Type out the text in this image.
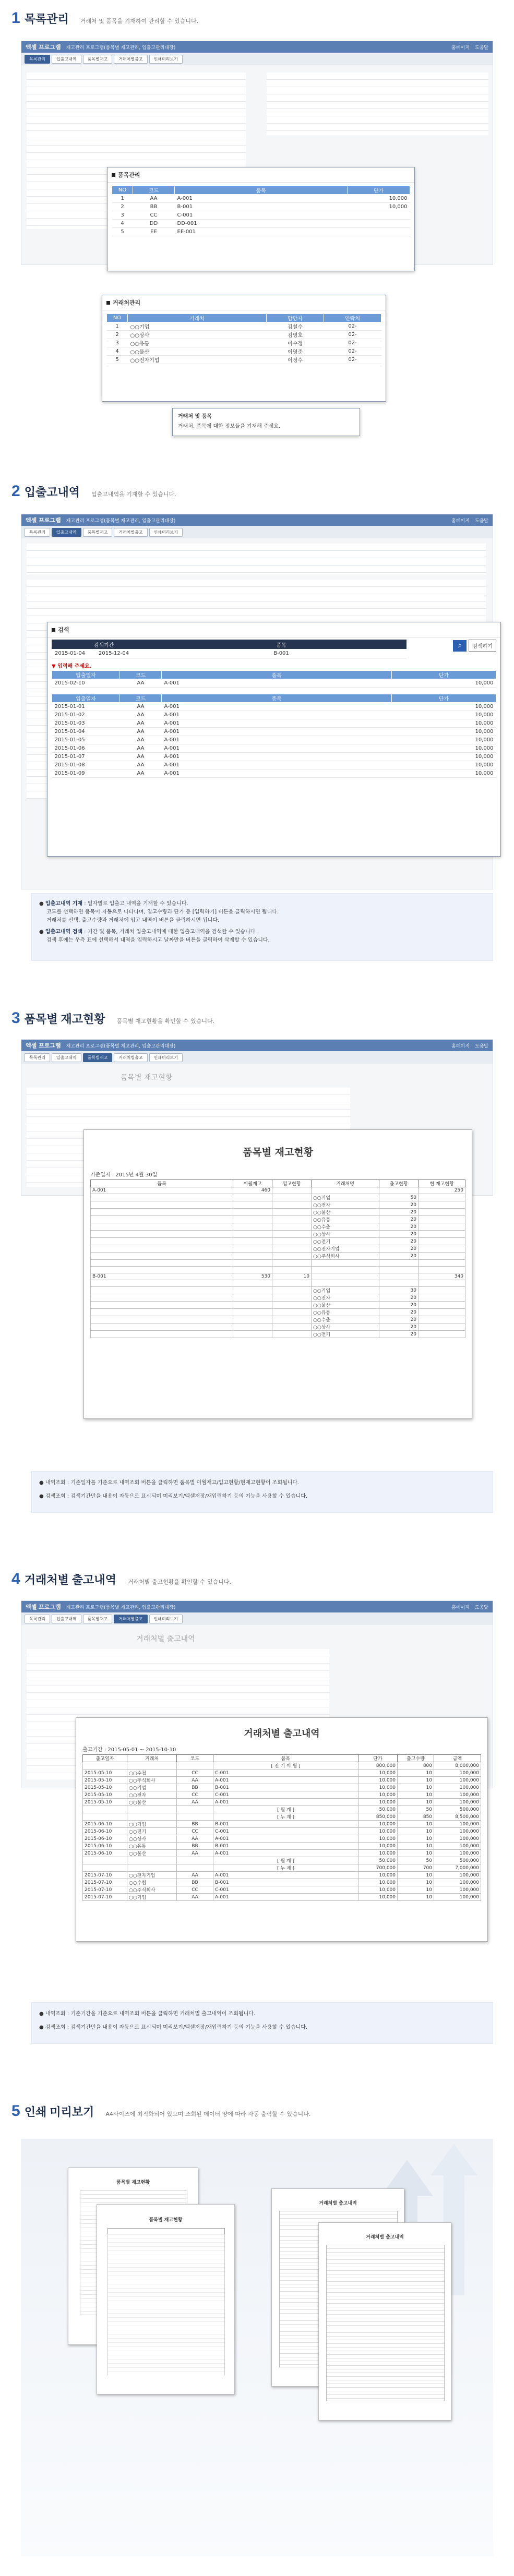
1 목록관리 거래처 및 품목을 기재하여 관리할 수 있습니다.
엑셀 프로그램 재고관리 프로그램(품목별 재고관리, 입출고관리대장)	홈페이지 도움말
목록관리	입출고내역	품목별재고	거래처별출고	인쇄미리보기
품목관리
NO	코드	품목	단가
1	AA	A-001	10,000
2	BB	B-001	10,000
3	CC	C-001	
4	DD	DD-001	
5	EE	EE-001	
거래처관리
NO	거래처	담당자	연락처
1	○○기업	김철수	02-
2	○○상사	김영호	02-
3	○○유통	이수정	02-
4	○○물산	이영준	02-
5	○○전자기업	이정수	02-
거래처 및 품목
거래처, 품목에 대한 정보들을 기재해 주세요.
2 입출고내역 입출고내역을 기재할 수 있습니다.
엑셀 프로그램 재고관리 프로그램(품목별 재고관리, 입출고관리대장)	홈페이지 도움말
목록관리	입출고내역	품목별재고	거래처별출고	인쇄미리보기
검색
검색기간	품목
2015-01-04	2015-12-04	B-001
⌕	검색하기
▼ 입력해 주세요.
입출일자	코드	품목	단가
2015-02-10	AA	A-001	10,000
입출일자	코드	품목	단가
2015-01-01	AA	A-001	10,000
2015-01-02	AA	A-001	10,000
2015-01-03	AA	A-001	10,000
2015-01-04	AA	A-001	10,000
2015-01-05	AA	A-001	10,000
2015-01-06	AA	A-001	10,000
2015-01-07	AA	A-001	10,000
2015-01-08	AA	A-001	10,000
2015-01-09	AA	A-001	10,000
● 입출고내역 기재 : 일자별로 입출고 내역을 기재할 수 있습니다.
코드를 선택하면 품목이 자동으로 나타나며, 입고수량과 단가 등 [입력하기] 버튼을 클릭하시면 됩니다.
거래처를 선택, 출고수량과 거래처에 입고 내역이 버튼을 클릭하시면 됩니다.
● 입출고내역 검색 : 기간 및 품목, 거래처 입출고내역에 대한 입출고내역을 검색할 수 있습니다.
검색 후에는 우측 표에 선택해서 내역을 입력하시고 날짜만을 버튼을 클릭하여 삭제할 수 있습니다.
3 품목별 재고현황 품목별 재고현황을 확인할 수 있습니다.
엑셀 프로그램 재고관리 프로그램(품목별 재고관리, 입출고관리대장)	홈페이지 도움말
목록관리	입출고내역	품목별재고	거래처별출고	인쇄미리보기
품목별 재고현황
품목별 재고현황
기준일자 : 2015년 4월 30일
품목	이월재고	입고현황	거래처명	출고현황	현 재고현황
A-001	460				250
			○○기업	50	
			○○전자	20	
			○○물산	20	
			○○유통	20	
			○○수출	20	
			○○상사	20	
			○○전기	20	
			○○전자기업	20	
			○○주식회사	20	

B-001	530	10			340

			○○기업	30	
			○○전자	20	
			○○물산	20	
			○○유통	20	
			○○수출	20	
			○○상사	20	
			○○전기	20	
● 내역조회 : 기준일자를 기준으로 내역조회 버튼을 클릭하면 품목별 이월재고/입고현황/현재고현황이 조회됩니다.
● 검색조회 : 검색기간만을 내용이 자동으로 표시되며 미리보기/엑셀저장/재입력하기 등의 기능을 사용할 수 있습니다.
4 거래처별 출고내역 거래처별 출고현황을 확인할 수 있습니다.
엑셀 프로그램 재고관리 프로그램(품목별 재고관리, 입출고관리대장)	홈페이지 도움말
목록관리	입출고내역	품목별재고	거래처별출고	인쇄미리보기
거래처별 출고내역
거래처별 출고내역
출고기간 : 2015-05-01 ~ 2015-10-10
출고일자	거래처	코드	품목	단가	출고수량	금액
			[ 전 기 이 월 ]	800,000	800	8,000,000
2015-05-10	○○수첩	CC	C-001	10,000	10	100,000
2015-05-10	○○주식회사	AA	A-001	10,000	10	100,000
2015-05-10	○○기업	BB	B-001	10,000	10	100,000
2015-05-10	○○전자	CC	C-001	10,000	10	100,000
2015-05-10	○○물산	AA	A-001	10,000	10	100,000
			[ 월 계 ]	50,000	50	500,000
			[ 누 계 ]	850,000	850	8,500,000
2015-06-10	○○기업	BB	B-001	10,000	10	100,000
2015-06-10	○○전기	CC	C-001	10,000	10	100,000
2015-06-10	○○상사	AA	A-001	10,000	10	100,000
2015-06-10	○○유통	BB	B-001	10,000	10	100,000
2015-06-10	○○물산	AA	A-001	10,000	10	100,000
			[ 월 계 ]	50,000	50	500,000
			[ 누 계 ]	700,000	700	7,000,000
2015-07-10	○○전자기업	AA	A-001	10,000	10	100,000
2015-07-10	○○수첩	BB	B-001	10,000	10	100,000
2015-07-10	○○주식회사	CC	C-001	10,000	10	100,000
2015-07-10	○○기업	AA	A-001	10,000	10	100,000
● 내역조회 : 기준기간을 기준으로 내역조회 버튼을 클릭하면 거래처별 출고내역이 조회됩니다.
● 검색조회 : 검색기간만을 내용이 자동으로 표시되며 미리보기/엑셀저장/재입력하기 등의 기능을 사용할 수 있습니다.
5 인쇄 미리보기 A4사이즈에 최적화되어 있으며 조회된 데이터 양에 따라 자동 출력할 수 있습니다.
품목별 재고현황
품목별 재고현황
거래처별 출고내역
거래처별 출고내역
